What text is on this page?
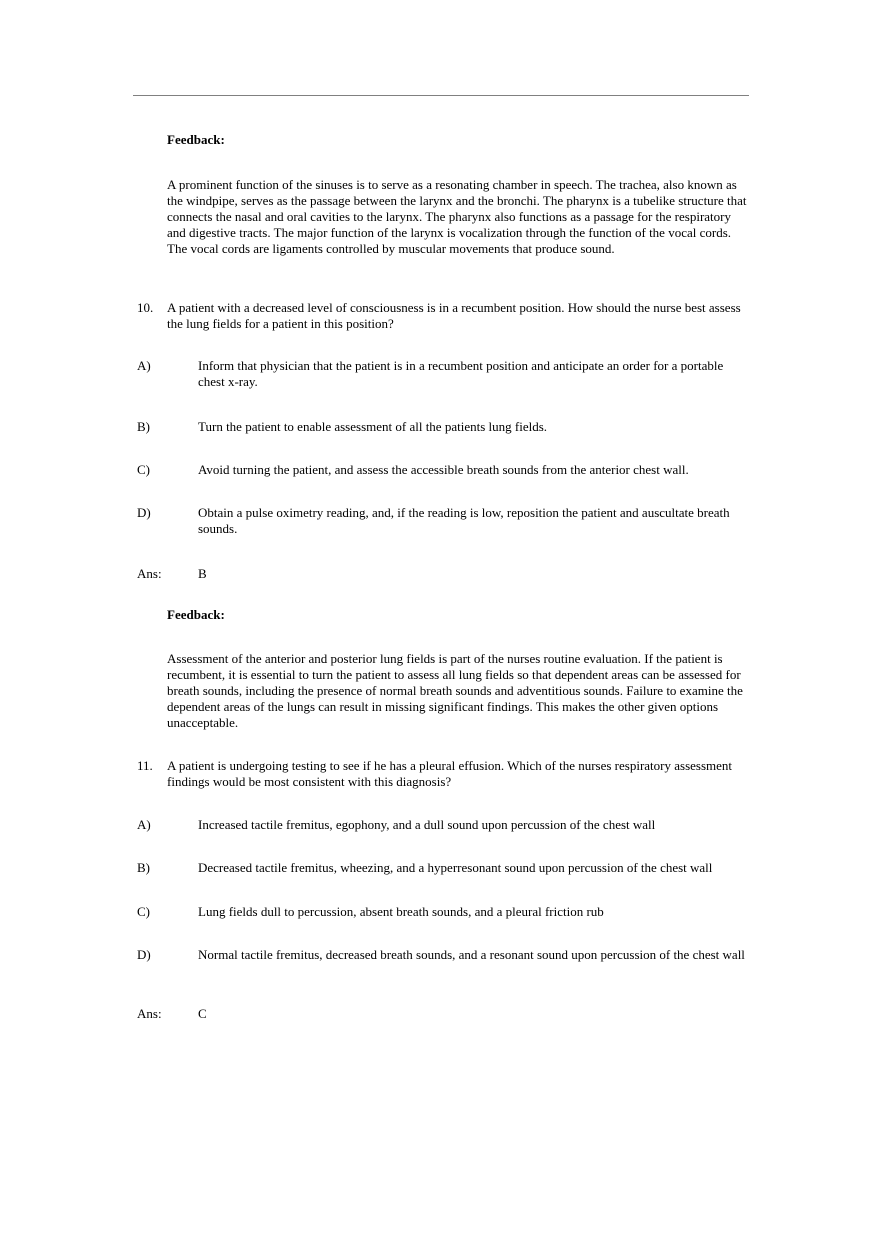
Feedback:
A prominent function of the sinuses is to serve as a resonating chamber in speech. The trachea, also known as the windpipe, serves as the passage between the larynx and the bronchi. The pharynx is a tubelike structure that connects the nasal and oral cavities to the larynx. The pharynx also functions as a passage for the respiratory and digestive tracts. The major function of the larynx is vocalization through the function of the vocal cords. The vocal cords are ligaments controlled by muscular movements that produce sound.
10. A patient with a decreased level of consciousness is in a recumbent position. How should the nurse best assess the lung fields for a patient in this position?
A)	Inform that physician that the patient is in a recumbent position and anticipate an order for a portable chest x-ray.
B)	Turn the patient to enable assessment of all the patients lung fields.
C)	Avoid turning the patient, and assess the accessible breath sounds from the anterior chest wall.
D)	Obtain a pulse oximetry reading, and, if the reading is low, reposition the patient and auscultate breath sounds.
Ans:	B
Feedback:
Assessment of the anterior and posterior lung fields is part of the nurses routine evaluation. If the patient is recumbent, it is essential to turn the patient to assess all lung fields so that dependent areas can be assessed for breath sounds, including the presence of normal breath sounds and adventitious sounds. Failure to examine the dependent areas of the lungs can result in missing significant findings. This makes the other given options unacceptable.
11. A patient is undergoing testing to see if he has a pleural effusion. Which of the nurses respiratory assessment findings would be most consistent with this diagnosis?
A)	Increased tactile fremitus, egophony, and a dull sound upon percussion of the chest wall
B)	Decreased tactile fremitus, wheezing, and a hyperresonant sound upon percussion of the chest wall
C)	Lung fields dull to percussion, absent breath sounds, and a pleural friction rub
D)	Normal tactile fremitus, decreased breath sounds, and a resonant sound upon percussion of the chest wall
Ans:	C
